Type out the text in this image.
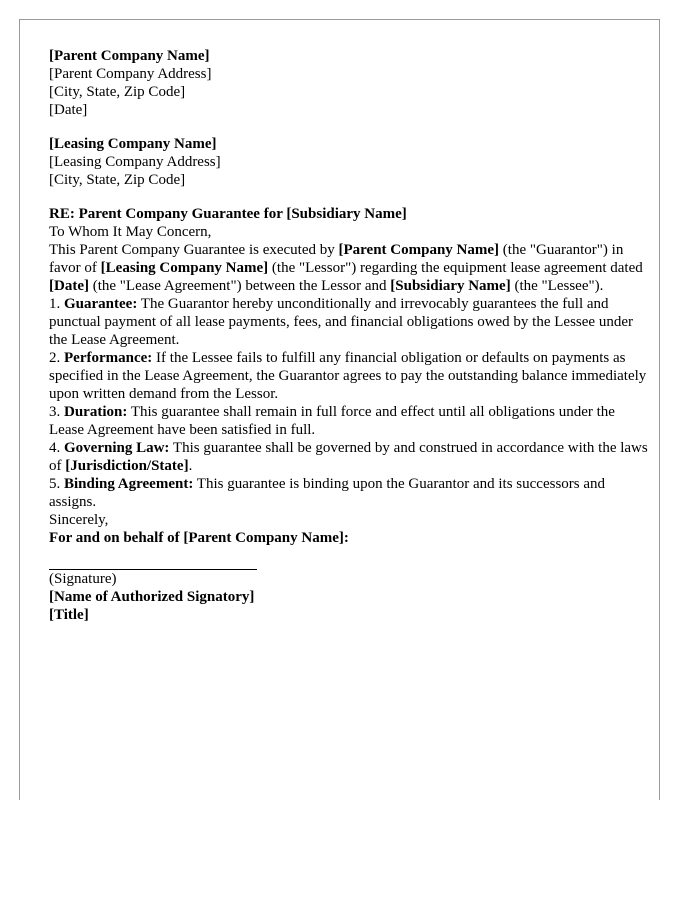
[Parent Company Name]

[Parent Company Address]

[City, State, Zip Code]

[Date]

[Leasing Company Name]

[Leasing Company Address]

[City, State, Zip Code]

RE: Parent Company Guarantee for [Subsidiary Name]

To Whom It May Concern,

This Parent Company Guarantee is executed by [Parent Company Name] (the "Guarantor") in favor of [Leasing Company Name] (the "Lessor") regarding the equipment lease agreement dated [Date] (the "Lease Agreement") between the Lessor and [Subsidiary Name] (the "Lessee").

1. Guarantee: The Guarantor hereby unconditionally and irrevocably guarantees the full and punctual payment of all lease payments, fees, and financial obligations owed by the Lessee under the Lease Agreement.

2. Performance: If the Lessee fails to fulfill any financial obligation or defaults on payments as specified in the Lease Agreement, the Guarantor agrees to pay the outstanding balance immediately upon written demand from the Lessor.

3. Duration: This guarantee shall remain in full force and effect until all obligations under the Lease Agreement have been satisfied in full.

4. Governing Law: This guarantee shall be governed by and construed in accordance with the laws of [Jurisdiction/State].

5. Binding Agreement: This guarantee is binding upon the Guarantor and its successors and assigns.

Sincerely,

For and on behalf of [Parent Company Name]:

(Signature)

[Name of Authorized Signatory]

[Title]
